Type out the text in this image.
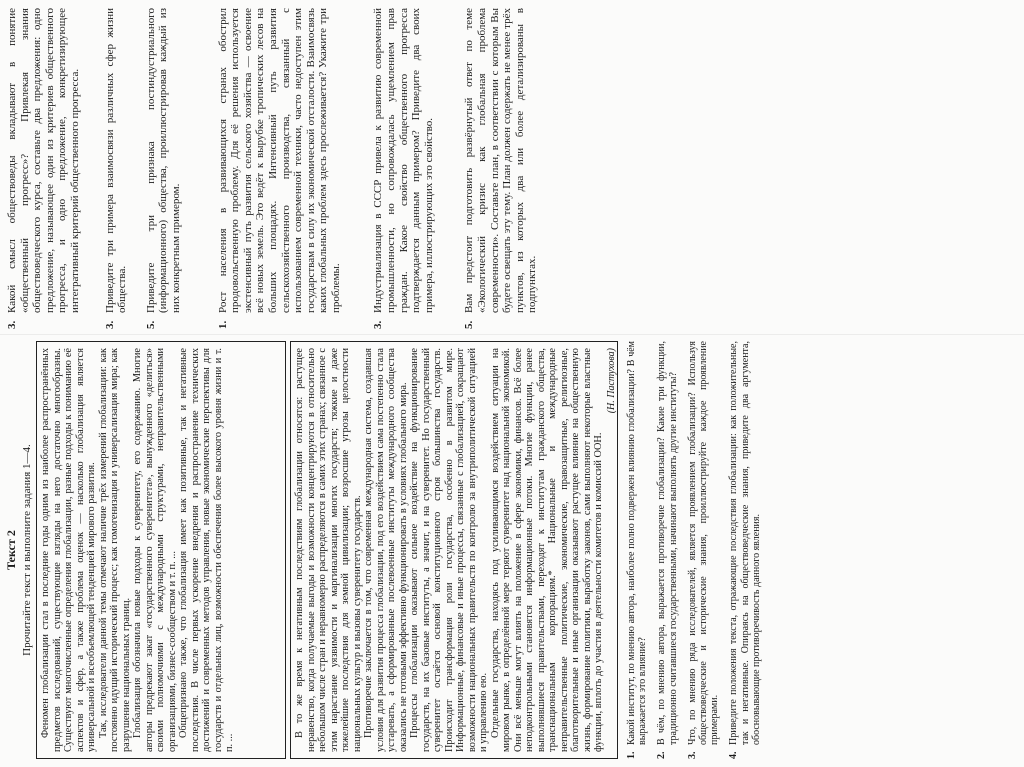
Текст 2 Прочитайте текст и выполните задания 1—4. Феномен глобализации стал в последние годы одним из наиболее распространённых предметов исследований, существующие взгляды на него достаточно многообразны. Существуют многочисленные определения глобализации, разные подходы к пониманию её аспектов и сфер, а также проблема оценок — насколько глобализация является универсальной и всеобъемлющей тенденцией мирового развития. Так, исследователи данной темы отмечают наличие трёх измерений глобализации: как постоянно идущий исторический процесс; как гомогенизация и универсализация мира; как разрушение национальных границ. Глобализация обозначила новые подходы к суверенитету, его содержанию. Многие авторы предрекают закат «государственного суверенитета», вынужденного «делиться» своими полномочиями с международными структурами, неправительственными организациями, бизнес-сообществом и т. п. ... Общепризнано также, что глобализация имеет как позитивные, так и негативные последствия. В числе первых ускорение внедрения и распространение технических достижений и современных методов управления, новые экономические перспективы для государств и отдельных лиц, возможности обеспечения более высокого уровня жизни и т. п. ...

В то же время к негативным последствиям глобализации относятся: растущее неравенство, когда получаемые выгоды и возможности концентрируются в относительно небольшом числе стран и неравномерно распределяются в самих этих странах; связанное с этим нарастание уязвимости и маргинализации многих государств; тяжкие и даже тяжелейшие последствия для земной цивилизации; возросшие угрозы целостности национальных культур и вызовы суверенитету государств. Противоречие заключается в том, что современная международная система, создавшая условия для развития процесса глобализации, под его воздействием сама постепенно стала устаревать, а сформированные послевоенные институты международного сообщества оказались не готовыми эффективно функционировать в условиях глобального мира. Процессы глобализации оказывают сильное воздействие на функционирование государств, на их базовые институты, а значит, и на суверенитет. Но государственный суверенитет остаётся основой конституционного строя большинства государств. Происходит трансформация роли государства, особенно в развитом мире. Информационные, финансовые и иные процессы, связанные с глобализацией, сокращают возможности национальных правительств по контролю за внутриполитической ситуацией и управлению ею. Отдельные государства, находясь под усиливающимся воздействием ситуации на мировом рынке, в определённой мере теряют суверенитет над национальной экономикой. Они всё меньше могут влиять на положение в сфере экономики, финансов. Всё более неподконтрольными становятся информационные потоки. Многие функции, ранее выполнявшиеся правительствами, переходят к институтам гражданского общества, транснациональным корпорациям.* Национальные и международные неправительственные политические, экономические, правозащитные, религиозные, благотворительные и иные организации оказывают растущее влияние на общественную жизнь, формирование политики, выработку законов, сами выполняют некоторые властные функции, вплоть до участия в деятельности комитетов и комиссий ООН.

(Н. Пастухова)
1.
Какой институт, по мнению автора, наиболее полно подвержен влиянию глобализации? В чём выражается это влияние?
2.
В чём, по мнению автора, выражается противоречие глобализации? Какие три функции, традиционно считавшиеся государственными, начинают выполнять другие институты?
3.
Что, по мнению ряда исследователей, является проявлением глобализации? Используя обществоведческие и исторические знания, проиллюстрируйте каждое проявление примерами.
4.
Приведите положения текста, отражающие последствия глобализации: как положительные, так и негативные. Опираясь на обществоведческие знания, приведите два аргумента, обосновывающие противоречивость данного явления.
3.
Какой смысл обществоведы вкладывают в понятие «общественный прогресс»? Привлекая знания обществоведческого курса, составьте два предложения: одно предложение, называющее один из критериев общественного прогресса, и одно предложение, конкретизирующее интегративный критерий общественного прогресса.
3.
Приведите три примера взаимосвязи различных сфер жизни общества.
5.
Приведите три признака постиндустриального (информационного) общества, проиллюстрировав каждый из них конкретным примером.
1.
Рост населения в развивающихся странах обострил продовольственную проблему. Для её решения используется экстенсивный путь развития сельского хозяйства — освоение всё новых земель. Это ведёт к вырубке тропических лесов на больших площадях. Интенсивный путь развития сельскохозяйственного производства, связанный с использованием современной техники, часто недоступен этим государствам в силу их экономической отсталости. Взаимосвязь каких глобальных проблем здесь прослеживается? Укажите три проблемы.
3.
Индустриализация в СССР привела к развитию современной промышленности, но сопровождалась ущемлением прав граждан. Какое свойство общественного прогресса подтверждается данным примером? Приведите два своих примера, иллюстрирующих это свойство.
5.
Вам предстоит подготовить развёрнутый ответ по теме «Экологический кризис как глобальная проблема современности». Составьте план, в соответствии с которым Вы будете освещать эту тему. План должен содержать не менее трёх пунктов, из которых два или более детализированы в подпунктах.
